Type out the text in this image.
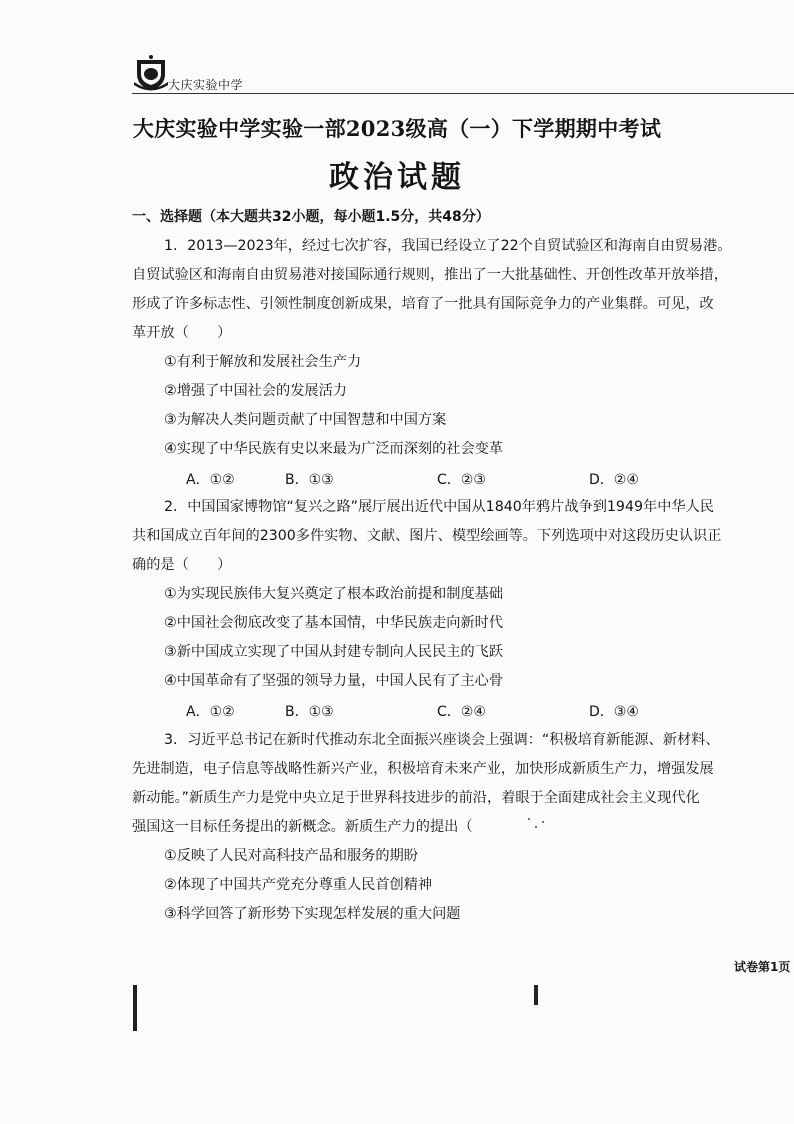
大庆实验中学
大庆实验中学实验一部2023级高（一）下学期期中考试
政治试题
一、选择题（本大题共32小题，每小题1.5分，共48分）
1．2013—2023年，经过七次扩容，我国已经设立了22个自贸试验区和海南自由贸易港。
自贸试验区和海南自由贸易港对接国际通行规则，推出了一大批基础性、开创性改革开放举措，
形成了许多标志性、引领性制度创新成果，培育了一批具有国际竞争力的产业集群。可见，改
革开放（　　）
①有利于解放和发展社会生产力
②增强了中国社会的发展活力
③为解决人类问题贡献了中国智慧和中国方案
④实现了中华民族有史以来最为广泛而深刻的社会变革
A．①②	B．①③	C．②③	D．②④
2．中国国家博物馆“复兴之路”展厅展出近代中国从1840年鸦片战争到1949年中华人民
共和国成立百年间的2300多件实物、文献、图片、模型绘画等。下列选项中对这段历史认识正
确的是（　　）
①为实现民族伟大复兴奠定了根本政治前提和制度基础
②中国社会彻底改变了基本国情，中华民族走向新时代
③新中国成立实现了中国从封建专制向人民民主的飞跃
④中国革命有了坚强的领导力量，中国人民有了主心骨
A．①②	B．①③	C．②④	D．③④
3．习近平总书记在新时代推动东北全面振兴座谈会上强调：“积极培育新能源、新材料、
先进制造，电子信息等战略性新兴产业，积极培育未来产业，加快形成新质生产力，增强发展
新动能。”新质生产力是党中央立足于世界科技进步的前沿，着眼于全面建成社会主义现代化
强国这一目标任务提出的新概念。新质生产力的提出（
①反映了人民对高科技产品和服务的期盼
②体现了中国共产党充分尊重人民首创精神
③科学回答了新形势下实现怎样发展的重大问题
试卷第1页
